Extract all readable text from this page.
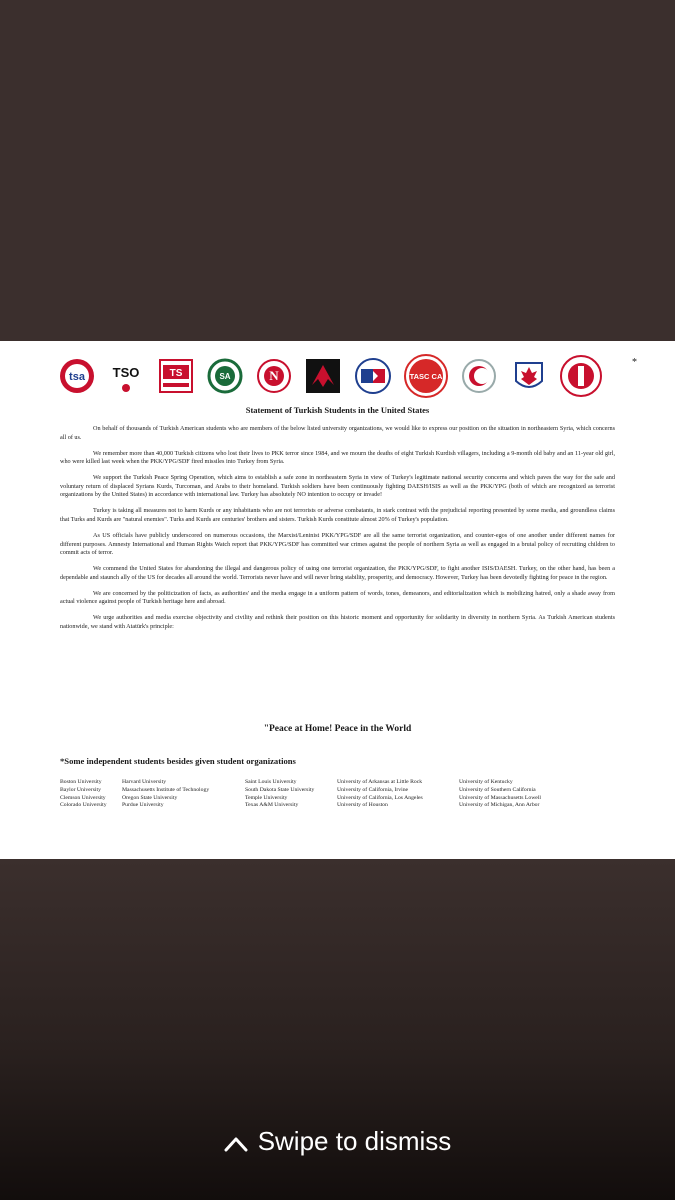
tsa TSO	TS	SA	N	TASC CA
*
Statement of Turkish Students in the United States

On behalf of thousands of Turkish American students who are members of the below listed university organizations, we would like to express our position on the situation in northeastern Syria, which concerns all of us.

We remember more than 40,000 Turkish citizens who lost their lives to PKK terror since 1984, and we mourn the deaths of eight Turkish Kurdish villagers, including a 9-month old baby and an 11-year old girl, who were killed last week when the PKK/YPG/SDF fired missiles into Turkey from Syria.

We support the Turkish Peace Spring Operation, which aims to establish a safe zone in northeastern Syria in view of Turkey's legitimate national security concerns and which paves the way for the safe and voluntary return of displaced Syrians Kurds, Turcoman, and Arabs to their homeland. Turkish soldiers have been continuously fighting DAESH/ISIS as well as the PKK/YPG (both of which are recognized as terrorist organizations by the United States) in accordance with international law. Turkey has absolutely NO intention to occupy or invade!

Turkey is taking all measures not to harm Kurds or any inhabitants who are not terrorists or adverse combatants, in stark contrast with the prejudicial reporting presented by some media, and groundless claims that Turks and Kurds are "natural enemies". Turks and Kurds are centuries' brothers and sisters. Turkish Kurds constitute almost 20% of Turkey's population.

As US officials have publicly underscored on numerous occasions, the Marxist/Leninist PKK/YPG/SDF are all the same terrorist organization, and counter-egos of one another under different names for different purposes. Amnesty International and Human Rights Watch report that PKK/YPG/SDF has committed war crimes against the people of northern Syria as well as engaged in a brutal policy of recruiting children to commit acts of terror.

We commend the United States for abandoning the illegal and dangerous policy of using one terrorist organization, the PKK/YPG/SDF, to fight another ISIS/DAESH. Turkey, on the other hand, has been a dependable and staunch ally of the US for decades all around the world. Terrorists never have and will never bring stability, prosperity, and democracy. However, Turkey has been devotedly fighting for peace in the region.

We are concerned by the politicization of facts, as authorities' and the media engage in a uniform pattern of words, tones, demeanors, and editorialization which is mobilizing hatred, only a shade away from actual violence against people of Turkish heritage here and abroad.

We urge authorities and media exercise objectivity and civility and rethink their position on this historic moment and opportunity for solidarity in diversity in northern Syria. As Turkish American students nationwide, we stand with Atatürk's principle:

"Peace at Home! Peace in the World
*Some independent students besides given student organizations
Boston University
Baylor University
Clemson University
Colorado University
Harvard University
Massachusetts Institute of Technology
Oregon State University
Purdue University
Saint Louis University
South Dakota State University
Temple University
Texas A&M University
University of Arkansas at Little Rock
University of California, Irvine
University of California, Los Angeles
University of Houston
University of Kentucky
University of Southern California
University of Massachusetts Lowell
University of Michigan, Ann Arbor
Swipe to dismiss
